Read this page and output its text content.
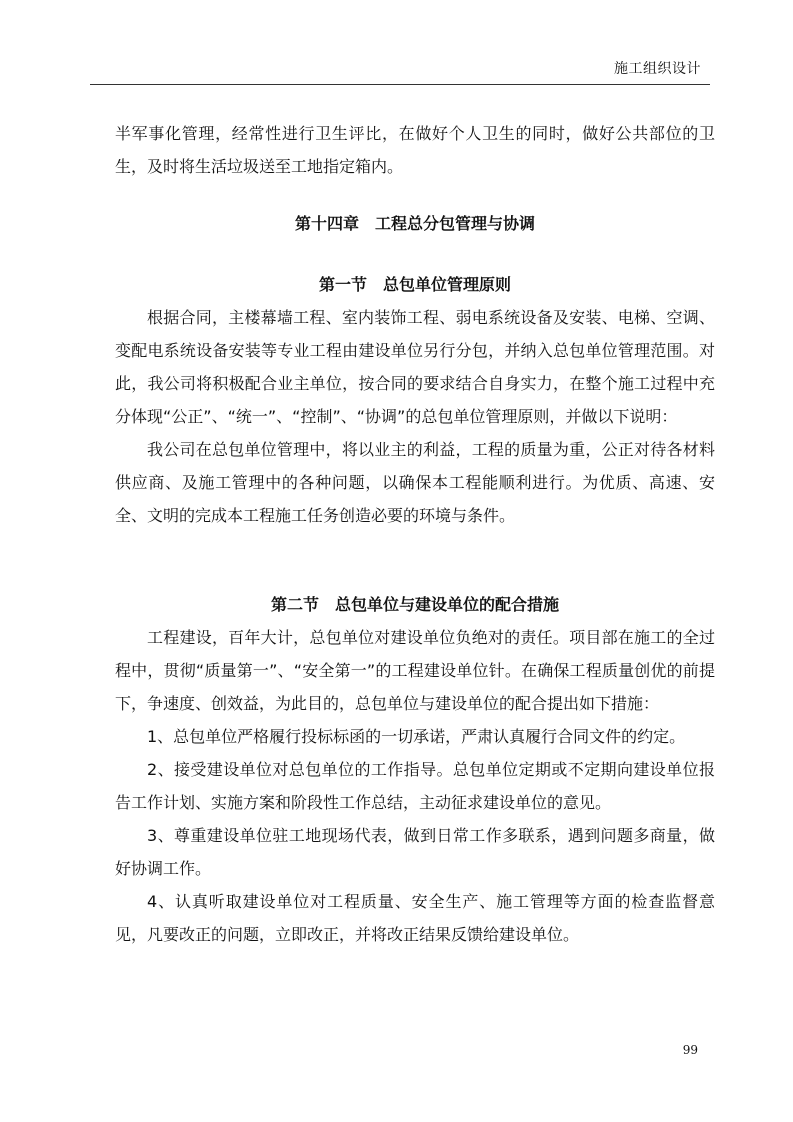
施工组织设计

半军事化管理，经常性进行卫生评比，在做好个人卫生的同时，做好公共部位的卫生，及时将生活垃圾送至工地指定箱内。

第十四章　工程总分包管理与协调

第一节　总包单位管理原则

根据合同，主楼幕墙工程、室内装饰工程、弱电系统设备及安装、电梯、空调、变配电系统设备安装等专业工程由建设单位另行分包，并纳入总包单位管理范围。对此，我公司将积极配合业主单位，按合同的要求结合自身实力，在整个施工过程中充分体现“公正”、“统一”、“控制”、“协调”的总包单位管理原则，并做以下说明：

我公司在总包单位管理中，将以业主的利益，工程的质量为重，公正对待各材料供应商、及施工管理中的各种问题，以确保本工程能顺利进行。为优质、高速、安全、文明的完成本工程施工任务创造必要的环境与条件。

第二节　总包单位与建设单位的配合措施

工程建设，百年大计，总包单位对建设单位负绝对的责任。项目部在施工的全过程中，贯彻“质量第一”、“安全第一”的工程建设单位针。在确保工程质量创优的前提下，争速度、创效益，为此目的，总包单位与建设单位的配合提出如下措施：

1、总包单位严格履行投标标函的一切承诺，严肃认真履行合同文件的约定。

2、接受建设单位对总包单位的工作指导。总包单位定期或不定期向建设单位报告工作计划、实施方案和阶段性工作总结，主动征求建设单位的意见。

3、尊重建设单位驻工地现场代表，做到日常工作多联系，遇到问题多商量，做好协调工作。

4、认真听取建设单位对工程质量、安全生产、施工管理等方面的检查监督意见，凡要改正的问题，立即改正，并将改正结果反馈给建设单位。

99
